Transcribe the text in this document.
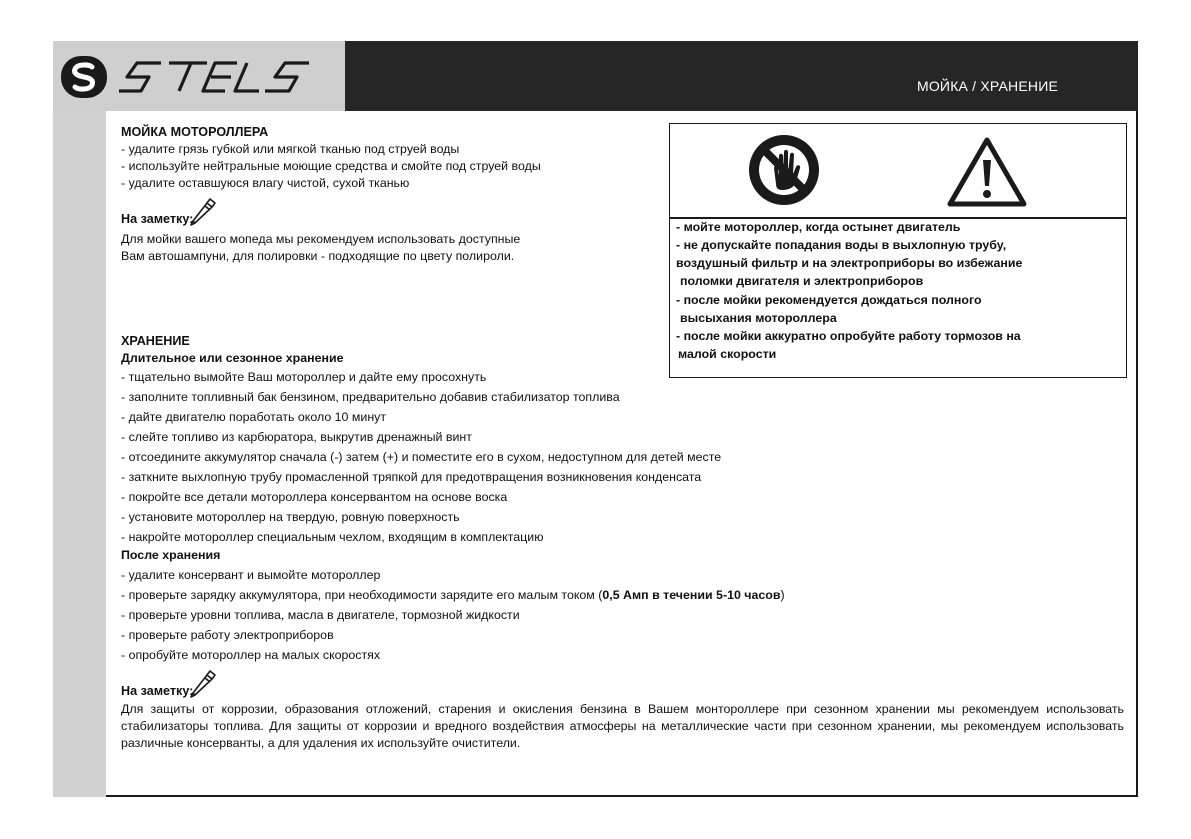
МОЙКА / ХРАНЕНИЕ
МОЙКА МОТОРОЛЛЕРА
- удалите грязь губкой или мягкой тканью под струей воды
- используйте нейтральные моющие средства и смойте под струей воды
- удалите оставшуюся влагу чистой, сухой тканью
На заметку:
Для мойки вашего мопеда мы рекомендуем использовать доступные
Вам автошампуни, для полировки - подходящие по цвету полироли.
- мойте мотороллер, когда остынет двигатель
- не допускайте попадания воды в выхлопную трубу,
воздушный фильтр и на электроприборы во избежание
поломки двигателя и электроприборов
- после мойки рекомендуется дождаться полного
высыхания мотороллера
- после мойки аккуратно опробуйте работу тормозов на
малой скорости
ХРАНЕНИЕ
Длительное или сезонное хранение
- тщательно вымойте Ваш мотороллер и дайте ему просохнуть
- заполните топливный бак бензином, предварительно добавив стабилизатор топлива
- дайте двигателю поработать около 10 минут
- слейте топливо из карбюратора, выкрутив дренажный винт
- отсоедините аккумулятор сначала (-) затем (+) и поместите его в сухом, недоступном для детей месте
- заткните выхлопную трубу промасленной тряпкой для предотвращения возникновения конденсата
- покройте все детали мотороллера консервантом на основе воска
- установите мотороллер на твердую, ровную поверхность
- накройте мотороллер специальным чехлом, входящим в комплектацию
После хранения
- удалите консервант и вымойте мотороллер
- проверьте зарядку аккумулятора, при необходимости зарядите его малым током (0,5 Амп в течении 5-10 часов)
- проверьте уровни топлива, масла в двигателе, тормозной жидкости
- проверьте работу электроприборов
- опробуйте мотороллер на малых скоростях
На заметку:
Для защиты от коррозии, образования отложений, старения и окисления бензина в Вашем монтороллере при сезонном хранении мы рекомендуем использовать стабилизаторы топлива. Для защиты от коррозии и вредного воздействия атмосферы на металлические части при сезонном хранении, мы рекомендуем использовать различные консерванты, а для удаления их используйте очистители.
